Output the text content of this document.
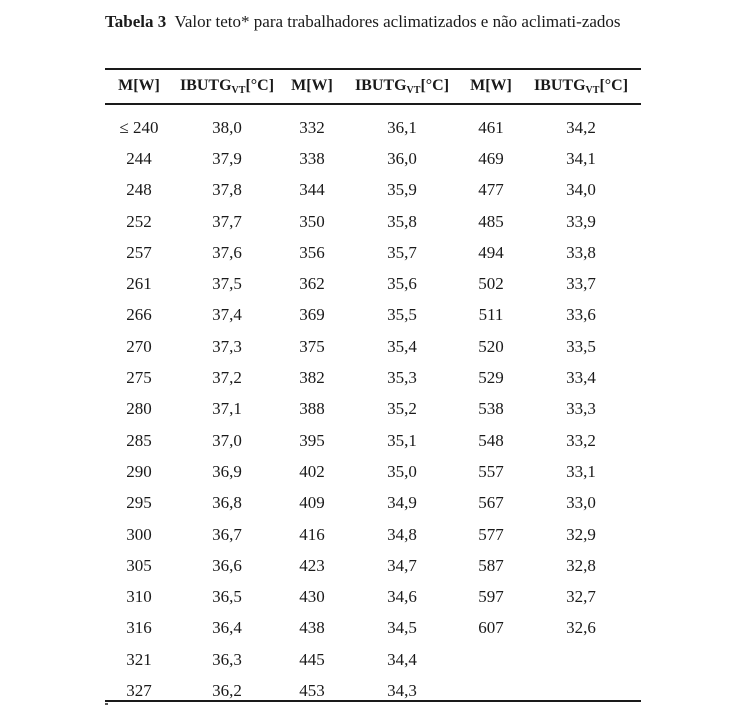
Tabela 3 Valor teto* para trabalhadores aclimatizados e não aclimati-zados
M[W]	$IBUTG_{VT}[^\circ C]$	M[W]	$IBUTG_{VT}[^\circ C]$	M[W]	$IBUTG_{VT}[^\circ C]$
≤ 240	38,0	332	36,1	461	34,2
244	37,9	338	36,0	469	34,1
248	37,8	344	35,9	477	34,0
252	37,7	350	35,8	485	33,9
257	37,6	356	35,7	494	33,8
261	37,5	362	35,6	502	33,7
266	37,4	369	35,5	511	33,6
270	37,3	375	35,4	520	33,5
275	37,2	382	35,3	529	33,4
280	37,1	388	35,2	538	33,3
285	37,0	395	35,1	548	33,2
290	36,9	402	35,0	557	33,1
295	36,8	409	34,9	567	33,0
300	36,7	416	34,8	577	32,9
305	36,6	423	34,7	587	32,8
310	36,5	430	34,6	597	32,7
316	36,4	438	34,5	607	32,6
321	36,3	445	34,4		
327	36,2	453	34,3		
